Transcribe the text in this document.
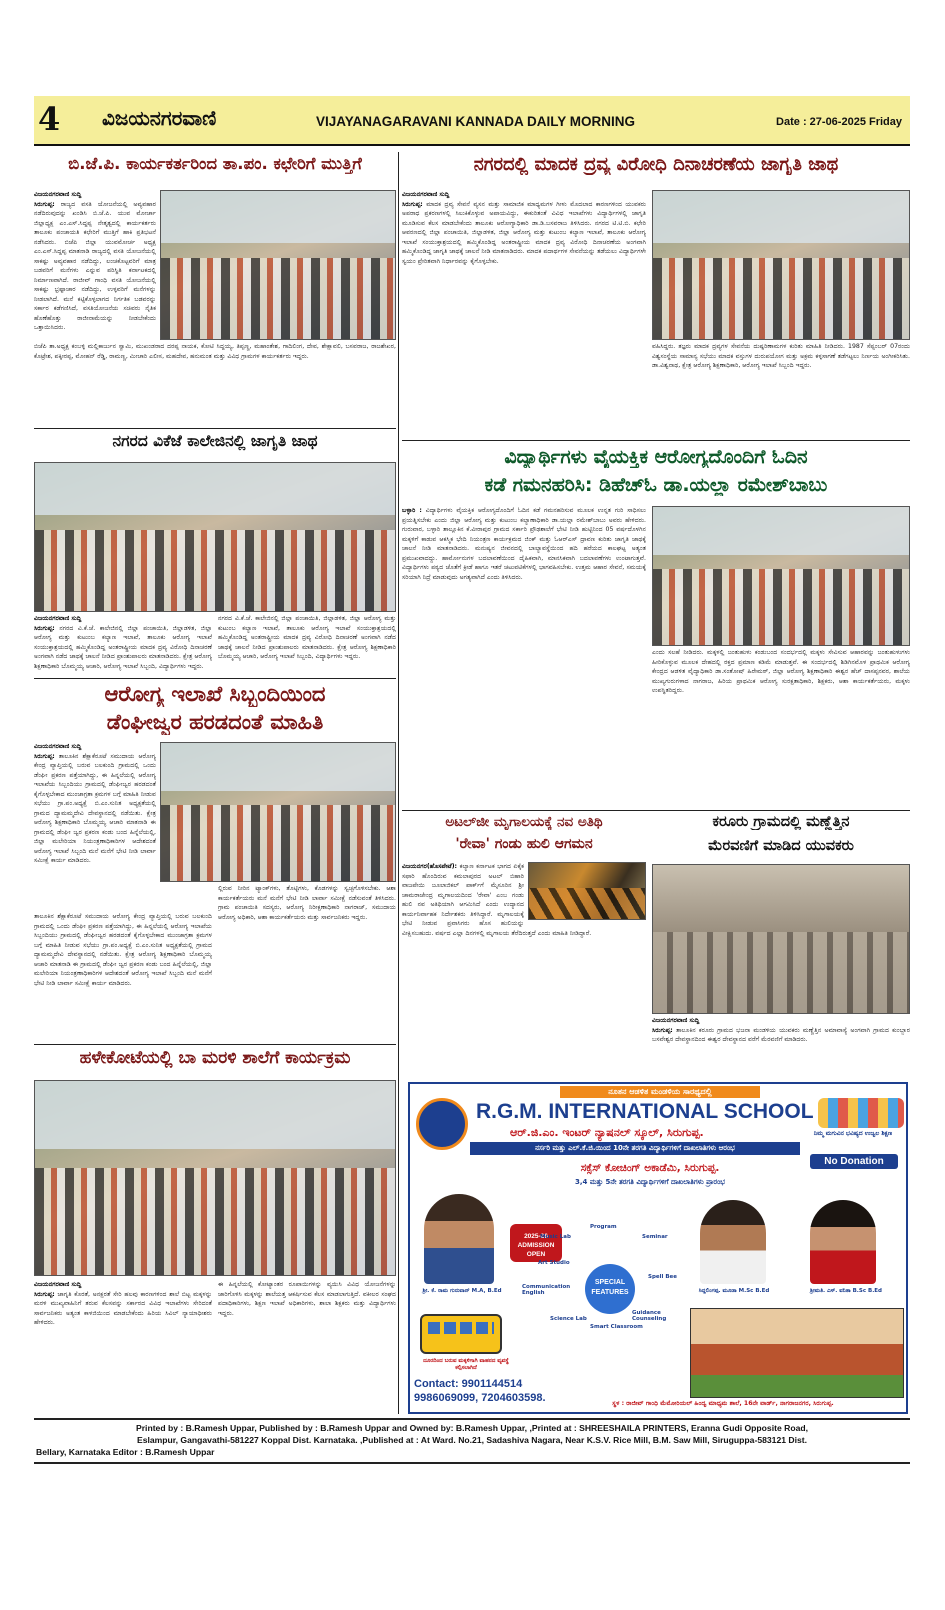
4 ವಿಜಯನಗರವಾಣಿ	VIJAYANAGARAVANI KANNADA DAILY MORNING	Date : 27-06-2025 Friday
ಬಿ.ಜೆ.ಪಿ. ಕಾರ್ಯಕರ್ತರಿಂದ ತಾ.ಪಂ. ಕಛೇರಿಗೆ ಮುತ್ತಿಗೆ
ವಿಜಯನಗರವಾಣಿ ಸುದ್ದಿ
ಸಿರುಗುಪ್ಪ: ರಾಜ್ಯದ ವಸತಿ ಯೋಜನೆಯಲ್ಲಿ ಅವ್ಯವಹಾರ ನಡೆದಿರುವುದನ್ನು ಖಂಡಿಸಿ ಬಿ.ಜೆ.ಪಿ. ಯುವ ಮೋರ್ಚಾ ಜಿಲ್ಲಾಧ್ಯಕ್ಷ ಎಂ.ಎಸ್.ಸಿದ್ದಪ್ಪ ನೇತೃತ್ವದಲ್ಲಿ ಕಾರ್ಯಕರ್ತರು ತಾಲೂಕು ಪಂಚಾಯತಿ ಕಛೇರಿಗೆ ಮುತ್ತಿಗೆ ಹಾಕಿ ಪ್ರತಿಭಟನೆ ನಡೆಸಿದರು. ಬಿಜೆಪಿ ಜಿಲ್ಲಾ ಯುವಮೋರ್ಚ ಅಧ್ಯಕ್ಷ ಎಂ.ಎಸ್.ಸಿದ್ದಪ್ಪ ಮಾತನಾಡಿ ರಾಜ್ಯದಲ್ಲಿ ವಸತಿ ಯೋಜನೆಯಲ್ಲಿ ಸಾಕಷ್ಟು ಅವ್ಯವಹಾರ ನಡೆದಿದ್ದು, ಲಂಚಕೊಟ್ಟವರಿಗೆ ಮಾತ್ರ ಬಡವರಿಗೆ ಮನೆಗಳು ಎನ್ನುವ ಪರಿಸ್ಥಿತಿ ಕರ್ನಾಟಕದಲ್ಲಿ ನಿರ್ಮಾಣವಾಗಿದೆ. ರಾಜೀವ್ ಗಾಂಧಿ ವಸತಿ ಯೋಜನೆಯಲ್ಲಿ ಸಾಕಷ್ಟು ಭ್ರಷ್ಟಾಚಾರ ನಡೆದಿದ್ದು, ಉಳ್ಳವರಿಗೆ ಮನೆಗಳನ್ನು ನೀಡಲಾಗಿದೆ. ಮನೆ ಕಟ್ಟಿಕೊಳ್ಳಲಾಗದ ನಿರ್ಗತಿಕ ಬಡವರನ್ನು ಸರ್ಕಾರ ಕಡೆಗಣಿಸಿದೆ, ವಸತಿಯೋಜನೆಯ ಸಚಿವರು ನೈತಿಕ ಹೊಣೆಹೊತ್ತು ರಾಜೀನಾಮೆಯನ್ನು ನೀಡಬೇಕೆಂದು ಒತ್ತಾಯಿಸಿದರು.
ಬಿಜೆಪಿ ತಾ.ಅಧ್ಯಕ್ಷ ಕಂಬಳ್ಳಿ ಮಲ್ಲಿಕಾರ್ಜುನ ಸ್ವಾಮಿ, ಮುಖಂಡರಾದ ದರಪ್ಪ ನಾಯಕ, ಕೋಟಿ ಸಿದ್ದಯ್ಯ, ತಿಪ್ಪಣ್ಣ, ಮಹಾಂತೇಶ, ಗಾದಿಲಿಂಗ, ದೇವ, ಶೇಕ್ಷಾವಲಿ, ಬಸವರಾಜ, ರಾಜಶೇಖರ, ಕೊಟ್ರೇಶ, ಪಕ್ಕೀರಪ್ಪ, ಮೋಹನ್ ರೆಡ್ಡಿ, ರಾಮಣ್ಣ, ಮೀಚಾರಿ ಎಲೀಸ, ಮಹದೇವ, ಹನುಮಂತ ಮತ್ತು ವಿವಿಧ ಗ್ರಾಮಗಳ ಕಾರ್ಯಕರ್ತರು ಇದ್ದರು.
ನಗರದ ವಿಕೆಜೆ ಕಾಲೇಜಿನಲ್ಲಿ ಜಾಗೃತಿ ಜಾಥ
ವಿಜಯನಗರವಾಣಿ ಸುದ್ದಿ
ಸಿರುಗುಪ್ಪ: ನಗರದ ವಿ.ಕೆ.ಜೆ. ಕಾಲೇಜಿನಲ್ಲಿ ಜಿಲ್ಲಾ ಪಂಚಾಯಿತಿ, ಜಿಲ್ಲಾಡಳಿತ, ಜಿಲ್ಲಾ ಆರೋಗ್ಯ ಮತ್ತು ಕುಟುಂಬ ಕಲ್ಯಾಣ ಇಲಾಖೆ, ತಾಲೂಕು ಆರೋಗ್ಯ ಇಲಾಖೆ ಸಂಯುಕ್ತಾಶ್ರಯದಲ್ಲಿ ಹಮ್ಮಿಕೊಂಡಿದ್ದ ಅಂತರಾಷ್ಟ್ರೀಯ ಮಾದಕ ದ್ರವ್ಯ ವಿರೋಧಿ ದಿನಾಚರಣೆ ಅಂಗವಾಗಿ ನಡೆದ ಜಾಥಕ್ಕೆ ಚಾಲನೆ ನೀಡಿದ ಪ್ರಾಂಶುಪಾಲರು ಮಾತನಾಡಿದರು. ಕ್ಷೇತ್ರ ಆರೋಗ್ಯ ಶಿಕ್ಷಣಾಧಿಕಾರಿ ಬೊಮ್ಮಯ್ಯ ಆಚಾರಿ, ಆರೋಗ್ಯ ಇಲಾಖೆ ಸಿಬ್ಬಂದಿ, ವಿದ್ಯಾರ್ಥಿಗಳು ಇದ್ದರು.
ನಗರದ ವಿ.ಕೆ.ಜೆ. ಕಾಲೇಜಿನಲ್ಲಿ ಜಿಲ್ಲಾ ಪಂಚಾಯಿತಿ, ಜಿಲ್ಲಾಡಳಿತ, ಜಿಲ್ಲಾ ಆರೋಗ್ಯ ಮತ್ತು ಕುಟುಂಬ ಕಲ್ಯಾಣ ಇಲಾಖೆ, ತಾಲೂಕು ಆರೋಗ್ಯ ಇಲಾಖೆ ಸಂಯುಕ್ತಾಶ್ರಯದಲ್ಲಿ ಹಮ್ಮಿಕೊಂಡಿದ್ದ ಅಂತರಾಷ್ಟ್ರೀಯ ಮಾದಕ ದ್ರವ್ಯ ವಿರೋಧಿ ದಿನಾಚರಣೆ ಅಂಗವಾಗಿ ನಡೆದ ಜಾಥಕ್ಕೆ ಚಾಲನೆ ನೀಡಿದ ಪ್ರಾಂಶುಪಾಲರು ಮಾತನಾಡಿದರು. ಕ್ಷೇತ್ರ ಆರೋಗ್ಯ ಶಿಕ್ಷಣಾಧಿಕಾರಿ ಬೊಮ್ಮಯ್ಯ ಆಚಾರಿ, ಆರೋಗ್ಯ ಇಲಾಖೆ ಸಿಬ್ಬಂದಿ, ವಿದ್ಯಾರ್ಥಿಗಳು ಇದ್ದರು.
ಆರೋಗ್ಯ ಇಲಾಖೆ ಸಿಬ್ಬಂದಿಯಿಂದ
ಡೆಂಘೀಜ್ವರ ಹರಡದಂತೆ ಮಾಹಿತಿ
ವಿಜಯನಗರವಾಣಿ ಸುದ್ದಿ
ಸಿರುಗುಪ್ಪ: ತಾಲೂಕಿನ ಶೆಕ್ಷಾಕೆರೂಟೆ ಸಮುದಾಯ ಆರೋಗ್ಯ ಕೇಂದ್ರ ವ್ಯಾಪ್ತಿಯಲ್ಲಿ ಬರುವ ಬಲಕುಂದಿ ಗ್ರಾಮದಲ್ಲಿ ಒಂದು ಡೆಂಘೀ ಪ್ರಕರಣ ಪತ್ತೆಯಾಗಿದ್ದು, ಈ ಹಿನ್ನಲೆಯಲ್ಲಿ ಆರೋಗ್ಯ ಇಲಾಖೆಯ ಸಿಬ್ಬಂದಿಯು ಗ್ರಾಮದಲ್ಲಿ ಡೆಂಘೀಜ್ವರ ಹರಡದಂತೆ ಕೈಗೊಳ್ಳಬೇಕಾದ ಮುಂಜಾಗ್ರತಾ ಕ್ರಮಗಳ ಬಗ್ಗೆ ಮಾಹಿತಿ ನೀಡುವ ಸಭೆಯು ಗ್ರಾ.ಪಂ.ಅಧ್ಯಕ್ಷೆ ಬಿ.ಎಂ.ಸುನಿತ ಅಧ್ಯಕ್ಷತೆಯಲ್ಲಿ ಗ್ರಾಮದ ದ್ಯಾಮಮ್ಮದೇವಿ ದೇವಸ್ಥಾನದಲ್ಲಿ ನಡೆಯಿತು. ಕ್ಷೇತ್ರ ಆರೋಗ್ಯ ಶಿಕ್ಷಣಾಧಿಕಾರಿ ಬೊಮ್ಮಯ್ಯ ಆಚಾರಿ ಮಾತನಾಡಿ ಈ ಗ್ರಾಮದಲ್ಲಿ ಡೆಂಘೀ ಜ್ವರ ಪ್ರಕರಣ ಕಂಡು ಬಂದ ಹಿನ್ನೆಲೆಯಲ್ಲಿ, ಜಿಲ್ಲಾ ಮಲೇರಿಯಾ ನಿಯಂತ್ರಣಾಧಿಕಾರಿಗಳ ಆದೇಶದಂತೆ ಆರೋಗ್ಯ ಇಲಾಖೆ ಸಿಬ್ಬಂದಿ ಮನೆ ಮನೆಗೆ ಭೇಟಿ ನೀಡಿ ಲಾರ್ವಾ ಸಮೀಕ್ಷೆ ಕಾರ್ಯ ಮಾಡಿದರು.
ತಾಲೂಕಿನ ಶೆಕ್ಷಾಕೆರೂಟೆ ಸಮುದಾಯ ಆರೋಗ್ಯ ಕೇಂದ್ರ ವ್ಯಾಪ್ತಿಯಲ್ಲಿ ಬರುವ ಬಲಕುಂದಿ ಗ್ರಾಮದಲ್ಲಿ ಒಂದು ಡೆಂಘೀ ಪ್ರಕರಣ ಪತ್ತೆಯಾಗಿದ್ದು, ಈ ಹಿನ್ನಲೆಯಲ್ಲಿ ಆರೋಗ್ಯ ಇಲಾಖೆಯ ಸಿಬ್ಬಂದಿಯು ಗ್ರಾಮದಲ್ಲಿ ಡೆಂಘೀಜ್ವರ ಹರಡದಂತೆ ಕೈಗೊಳ್ಳಬೇಕಾದ ಮುಂಜಾಗ್ರತಾ ಕ್ರಮಗಳ ಬಗ್ಗೆ ಮಾಹಿತಿ ನೀಡುವ ಸಭೆಯು ಗ್ರಾ.ಪಂ.ಅಧ್ಯಕ್ಷೆ ಬಿ.ಎಂ.ಸುನಿತ ಅಧ್ಯಕ್ಷತೆಯಲ್ಲಿ ಗ್ರಾಮದ ದ್ಯಾಮಮ್ಮದೇವಿ ದೇವಸ್ಥಾನದಲ್ಲಿ ನಡೆಯಿತು. ಕ್ಷೇತ್ರ ಆರೋಗ್ಯ ಶಿಕ್ಷಣಾಧಿಕಾರಿ ಬೊಮ್ಮಯ್ಯ ಆಚಾರಿ ಮಾತನಾಡಿ ಈ ಗ್ರಾಮದಲ್ಲಿ ಡೆಂಘೀ ಜ್ವರ ಪ್ರಕರಣ ಕಂಡು ಬಂದ ಹಿನ್ನೆಲೆಯಲ್ಲಿ, ಜಿಲ್ಲಾ ಮಲೇರಿಯಾ ನಿಯಂತ್ರಣಾಧಿಕಾರಿಗಳ ಆದೇಶದಂತೆ ಆರೋಗ್ಯ ಇಲಾಖೆ ಸಿಬ್ಬಂದಿ ಮನೆ ಮನೆಗೆ ಭೇಟಿ ನೀಡಿ ಲಾರ್ವಾ ಸಮೀಕ್ಷೆ ಕಾರ್ಯ ಮಾಡಿದರು.
ಲ್ಲಿರುವ ನೀರಿನ ಟ್ಯಾಂಕ್‌ಗಳು, ತೊಟ್ಟಿಗಳು, ಕೊಡಗಳನ್ನು ಸ್ವಚ್ಛಗೊಳಿಸಬೇಕು. ಆಶಾ ಕಾರ್ಯಕರ್ತೆಯರು ಮನೆ ಮನೆಗೆ ಭೇಟಿ ನೀಡಿ ಲಾರ್ವಾ ಸಮೀಕ್ಷೆ ನಡೆಸುವಂತೆ ತಿಳಿಸಿದರು. ಗ್ರಾಮ ಪಂಚಾಯಿತಿ ಸದಸ್ಯರು, ಆರೋಗ್ಯ ನಿರೀಕ್ಷಣಾಧಿಕಾರಿ ನಾಗರಾಜ್, ಸಮುದಾಯ ಆರೋಗ್ಯ ಅಧಿಕಾರಿ, ಆಶಾ ಕಾರ್ಯಕರ್ತೆಯರು ಮತ್ತು ಸಾರ್ವಜನಿಕರು ಇದ್ದರು.
ಹಳೇಕೋಟೆಯಲ್ಲಿ ಬಾ ಮರಳಿ ಶಾಲೆಗೆ ಕಾರ್ಯಕ್ರಮ
ವಿಜಯನಗರವಾಣಿ ಸುದ್ದಿ
ಸಿರುಗುಪ್ಪ: ಜಾಗೃತಿ ಕೊರತೆ, ಅನಕ್ಷರತೆ ಸೇರಿ ಹಲವು ಕಾರಣಗಳಿಂದ ಶಾಲೆ ಬಿಟ್ಟ ಮಕ್ಕಳನ್ನು ಮರಳಿ ಮುಖ್ಯವಾಹಿನಿಗೆ ತರುವ ಕೆಲಸವನ್ನು ಸರ್ಕಾರದ ವಿವಿಧ ಇಲಾಖೆಗಳು ಸೇರಿದಂತೆ ಸಾರ್ವಜನಿಕರು ಅತ್ಯಂತ ಕಾಳಜಿಯಿಂದ ಮಾಡಬೇಕೆಂದು ಹಿರಿಯ ಸಿವಿಲ್ ನ್ಯಾಯಾಧೀಶರು ಹೇಳಿದರು.
ಈ ಹಿನ್ನಲೆಯಲ್ಲಿ ಕೋಟ್ಯಾಂತರ ರೂಪಾಯಿಗಳನ್ನು ವ್ಯಯಿಸಿ ವಿವಿಧ ಯೋಜನೆಗಳನ್ನು ಜಾರಿಗೊಳಿಸಿ ಮಕ್ಕಳನ್ನು ಶಾಲೆಯತ್ತ ಆಕರ್ಷಿಸುವ ಕೆಲಸ ಮಾಡಲಾಗುತ್ತಿದೆ. ವಕೀಲರ ಸಂಘದ ಪದಾಧಿಕಾರಿಗಳು, ಶಿಕ್ಷಣ ಇಲಾಖೆ ಅಧಿಕಾರಿಗಳು, ಶಾಲಾ ಶಿಕ್ಷಕರು ಮತ್ತು ವಿದ್ಯಾರ್ಥಿಗಳು ಇದ್ದರು.
ನಗರದಲ್ಲಿ ಮಾದಕ ದ್ರವ್ಯ ವಿರೋಧಿ ದಿನಾಚರಣೆಯ ಜಾಗೃತಿ ಜಾಥ
ವಿಜಯನಗರವಾಣಿ ಸುದ್ದಿ
ಸಿರುಗುಪ್ಪ: ಮಾದಕ ದ್ರವ್ಯ ಸೇವನೆ ವ್ಯಸನ ಮತ್ತು ಸಾಮಾಜಿಕ ಮಾಧ್ಯಮಗಳ ಗೀಳು ಮೊದಲಾದ ಕಾರಣಗಳಿಂದ ಯುವಕರು ಅಪರಾಧ ಪ್ರಕರಣಗಳಲ್ಲಿ ಸಿಲುಕಿಕೊಳ್ಳುವ ಅಪಾಯವಿದ್ದು, ಈಕುರಿತಂತೆ ವಿವಿಧ ಇಲಾಖೆಗಳು ವಿದ್ಯಾರ್ಥಿಗಳಲ್ಲಿ ಜಾಗೃತಿ ಮೂಡಿಸುವ ಕೆಲಸ ಮಾಡಬೇಕೆಂದು ತಾಲೂಕು ಆರೋಗ್ಯಾಧಿಕಾರಿ ಡಾ.ಡಿ.ಬಸವರಾಜ ತಿಳಿಸಿದರು. ನಗರದ ಟಿ.ಟಿ.ಬಿ. ಕಛೇರಿ ಆವರಣದಲ್ಲಿ ಜಿಲ್ಲಾ ಪಂಚಾಯಿತಿ, ಜಿಲ್ಲಾಡಳಿತ, ಜಿಲ್ಲಾ ಆರೋಗ್ಯ ಮತ್ತು ಕುಟುಂಬ ಕಲ್ಯಾಣ ಇಲಾಖೆ, ತಾಲೂಕು ಆರೋಗ್ಯ ಇಲಾಖೆ ಸಂಯುಕ್ತಾಶ್ರಯದಲ್ಲಿ ಹಮ್ಮಿಕೊಂಡಿದ್ದ ಅಂತರಾಷ್ಟ್ರೀಯ ಮಾದಕ ದ್ರವ್ಯ ವಿರೋಧಿ ದಿನಾಚರಣೆಯ ಅಂಗವಾಗಿ ಹಮ್ಮಿಕೊಂಡಿದ್ದ ಜಾಗೃತಿ ಜಾಥಕ್ಕೆ ಚಾಲನೆ ನೀಡಿ ಮಾತನಾಡಿದರು. ಮಾದಕ ಪದಾರ್ಥಗಳ ಸೇವನೆಯನ್ನು ತಡೆಯಲು ವಿದ್ಯಾರ್ಥಿಗಳೇ ಸ್ವಯಂ ಪ್ರೇರಿತವಾಗಿ ನಿರ್ಧಾರವನ್ನು ಕೈಗೊಳ್ಳಬೇಕು.
ವಹಿಸಿದ್ದರು. ತಜ್ಞರು ಮಾದಕ ದ್ರವ್ಯಗಳ ಸೇವನೆಯ ದುಷ್ಪರಿಣಾಮಗಳ ಕುರಿತು ಮಾಹಿತಿ ನೀಡಿದರು. 1987 ಸೆಪ್ಟಂಬರ್ 07ರಂದು ವಿಶ್ವಸಂಸ್ಥೆಯ ಸಾಮಾನ್ಯ ಸಭೆಯು ಮಾದಕ ವಸ್ತುಗಳ ದುರುಪಯೋಗ ಮತ್ತು ಅಕ್ರಮ ಕಳ್ಳಸಾಗಣೆ ತಡೆಗಟ್ಟಲು ನಿರ್ಣಯ ಅಂಗೀಕರಿಸಿತು. ಡಾ.ವಿಶ್ವನಾಥ, ಕ್ಷೇತ್ರ ಆರೋಗ್ಯ ಶಿಕ್ಷಣಾಧಿಕಾರಿ, ಆರೋಗ್ಯ ಇಲಾಖೆ ಸಿಬ್ಬಂದಿ ಇದ್ದರು.
ವಿದ್ಯಾರ್ಥಿಗಳು ವೈಯಕ್ತಿಕ ಆರೋಗ್ಯದೊಂದಿಗೆ ಓದಿನ
ಕಡೆ ಗಮನಹರಿಸಿ: ಡಿಹೆಚ್‌ಓ ಡಾ.ಯಲ್ಲಾ ರಮೇಶ್‌ಬಾಬು
ಬಳ್ಳಾರಿ : ವಿದ್ಯಾರ್ಥಿಗಳು ವೈಯಕ್ತಿಕ ಆರೋಗ್ಯದೊಂದಿಗೆ ಓದಿನ ಕಡೆ ಗಮನಹರಿಸುವ ಮೂಲಕ ಉನ್ನತ ಗುರಿ ಸಾಧಿಸಲು ಪ್ರಯತ್ನಿಸಬೇಕು ಎಂದು ಜಿಲ್ಲಾ ಆರೋಗ್ಯ ಮತ್ತು ಕುಟುಂಬ ಕಲ್ಯಾಣಾಧಿಕಾರಿ ಡಾ.ಯಲ್ಲಾ ರಮೇಶ್‌ಬಾಬು ಅವರು ಹೇಳಿದರು. ಗುರುವಾರ, ಬಳ್ಳಾರಿ ತಾಲ್ಲೂಕಿನ ಕೆ.ವೀರಾಪುರ ಗ್ರಾಮದ ಸರ್ಕಾರಿ ಪ್ರೌಢಶಾಲೆಗೆ ಭೇಟಿ ನೀಡಿ ಹುಟ್ಟಿನಿಂದ 05 ವರ್ಷದೊಳಗಿನ ಮಕ್ಕಳಿಗೆ ಕಾಡುವ ಆಕಸ್ಮಿಕ ಭೇದಿ ನಿಯಂತ್ರಣ ಕಾರ್ಯಕ್ರಮದ ಜಿಂಕ್ ಮತ್ತು ಓಆರ್‌ಎಸ್ ದ್ರಾವಣ ಕುರಿತು ಜಾಗೃತಿ ಜಾಥಕ್ಕೆ ಚಾಲನೆ ನೀಡಿ ಮಾತನಾಡಿದರು. ಮನುಷ್ಯನ ಜೀವನದಲ್ಲಿ ಬಾಲ್ಯಾವಸ್ಥೆಯಿಂದ ಹದಿ ಹರೆಯದ ಕಾಲಘಟ್ಟ ಅತ್ಯಂತ ಪ್ರಮುಖವಾದದ್ದು. ಹಾರ್ಮೋನುಗಳ ಬದಲಾವಣೆಯಿಂದ ದೈಹಿಕವಾಗಿ, ಮಾನಸಿಕವಾಗಿ ಬದಲಾವಣೆಗಳು ಉಂಟಾಗುತ್ತವೆ. ವಿದ್ಯಾರ್ಥಿಗಳು ಪಠ್ಯದ ಜೊತೆಗೆ ಕ್ರೀಡೆ ಹಾಗೂ ಇತರೆ ಚಟುವಟಿಕೆಗಳಲ್ಲಿ ಭಾಗವಹಿಸಬೇಕು. ಉತ್ತಮ ಆಹಾರ ಸೇವನೆ, ಸಮಯಕ್ಕೆ ಸರಿಯಾಗಿ ನಿದ್ರೆ ಮಾಡುವುದು ಅಗತ್ಯವಾಗಿದೆ ಎಂದು ತಿಳಿಸಿದರು.
ಎಂದು ಸಲಹೆ ನೀಡಿದರು. ಮಕ್ಕಳಲ್ಲಿ ಜಂತುಹುಳು ಕಂಡುಬಂದ ಸಂದರ್ಭದಲ್ಲಿ ಮಕ್ಕಳು ಸೇವಿಸುವ ಆಹಾರವನ್ನು ಜಂತುಹುಳುಗಳು ಹೀರಿಕೊಳ್ಳುವ ಮೂಲಕ ದೇಹದಲ್ಲಿ ರಕ್ತದ ಪ್ರಮಾಣ ಕಡಿಮೆ ಮಾಡುತ್ತವೆ. ಈ ಸಂದರ್ಭದಲ್ಲಿ ಶಿಡಿಗಿನಮೊಳ ಪ್ರಾಥಮಿಕ ಆರೋಗ್ಯ ಕೇಂದ್ರದ ಆಡಳಿತ ವೈದ್ಯಾಧಿಕಾರಿ ಡಾ.ಸಂತೋಷ್ ಹಿರೇಮಠ್, ಜಿಲ್ಲಾ ಆರೋಗ್ಯ ಶಿಕ್ಷಣಾಧಿಕಾರಿ ಈಶ್ವರ ಹೆಚ್ ದಾಸಪ್ಪನವರ, ಶಾಲೆಯ ಮುಖ್ಯಗುರುಗಳಾದ ನಾಗರಾಜ, ಹಿರಿಯ ಪ್ರಾಥಮಿಕ ಆರೋಗ್ಯ ಸುರಕ್ಷತಾಧಿಕಾರಿ, ಶಿಕ್ಷಕರು, ಆಶಾ ಕಾರ್ಯಕರ್ತೆಯರು, ಮಕ್ಕಳು ಉಪಸ್ಥಿತರಿದ್ದರು.
ಅಟಲ್‌ಜೀ ಮೃಗಾಲಯಕ್ಕೆ ನವ ಅತಿಥಿ
'ರೇವಾ' ಗಂಡು ಹುಲಿ ಆಗಮನ
ವಿಜಯನಗರ(ಹೊಸಪೇಟೆ): ಕಲ್ಯಾಣ ಕರ್ನಾಟಕ ಭಾಗದ ಏಕೈಕ ಸಫಾರಿ ಹೊಂದಿರುವ ಕಮಲಾಪುರದ ಅಟಲ್ ಬಿಹಾರಿ ವಾಜಪೇಯಿ ಜೂಲಾಜಿಕಲ್ ಪಾರ್ಕ್‌ಗೆ ಮೈಸೂರಿನ ಶ್ರೀ ಚಾಮರಾಜೇಂದ್ರ ಮೃಗಾಲಯದಿಂದ 'ರೇವಾ' ಎಂಬ ಗಂಡು ಹುಲಿ ನವ ಅತಿಥಿಯಾಗಿ ಆಗಮಿಸಿದೆ ಎಂದು ಉದ್ಯಾನದ ಕಾರ್ಯನಿರ್ವಾಹಕ ನಿರ್ದೇಶಕರು ತಿಳಿಸಿದ್ದಾರೆ. ಮೃಗಾಲಯಕ್ಕೆ ಭೇಟಿ ನೀಡುವ ಪ್ರವಾಸಿಗರು ಹೊಸ ಹುಲಿಯನ್ನು ವೀಕ್ಷಿಸಬಹುದು. ವರ್ಷದ ಎಲ್ಲಾ ದಿನಗಳಲ್ಲಿ ಮೃಗಾಲಯ ತೆರೆದಿರುತ್ತದೆ ಎಂದು ಮಾಹಿತಿ ನೀಡಿದ್ದಾರೆ.
ಕರೂರು ಗ್ರಾಮದಲ್ಲಿ ಮಣ್ಣೆತ್ತಿನ
ಮೆರವಣಿಗೆ ಮಾಡಿದ ಯುವಕರು
ವಿಜಯನಗರವಾಣಿ ಸುದ್ದಿ
ಸಿರುಗುಪ್ಪ: ತಾಲೂಕಿನ ಕರೂರು ಗ್ರಾಮದ ಭಜನಾ ಮಂಡಳಿಯ ಯುವಕರು ಮಣ್ಣೆತ್ತಿನ ಅಮಾವಾಸ್ಯೆ ಅಂಗವಾಗಿ ಗ್ರಾಮದ ಕುಂಬ್ಬಾರ ಬಸವೇಶ್ವರ ದೇವಸ್ಥಾನದಿಂದ ಈಶ್ವರ ದೇವಸ್ಥಾನದ ವರೆಗೆ ಮೆರವಣಿಗೆ ಮಾಡಿದರು.
ನೂತನ ಆಡಳಿತ ಮಂಡಳಿಯ ಸಾರಥ್ಯದಲ್ಲಿ
R.G.M. INTERNATIONAL SCHOOL
ಆರ್.ಜಿ.ಎಂ. ಇಂಟರ್ ನ್ಯಾಷನಲ್ ಸ್ಕೂಲ್, ಸಿರುಗುಪ್ಪ.	ನಿಮ್ಮ ಮಗುವಿನ ಭವಿಷ್ಯದ ಉಜ್ವಲ ಶಿಕ್ಷಣ
ನರ್ಸರಿ ಮತ್ತು ಎಲ್.ಕೆ.ಜಿ.ಯಿಂದ 10ನೇ ತರಗತಿ ವಿದ್ಯಾರ್ಥಿಗಳಿಗೆ ದಾಖಲಾತಿಗಳು ಆರಂಭ
No Donation
ಸಕ್ಸೆಸ್ ಕೋಚಿಂಗ್ ಅಕಾಡೆಮಿ, ಸಿರುಗುಪ್ಪ.
3,4 ಮತ್ತು 5ನೇ ತರಗತಿ ವಿದ್ಯಾರ್ಥಿಗಳಿಗೆ ದಾಖಲಾತಿಗಳು ಪ್ರಾರಂಭ
ಶ್ರೀ. ಕೆ. ರಾಮ ಗುರುವಾನ್ M.A, B.Ed
2025-26 ADMISSION OPEN
SPECIAL FEATURES
Music Lab
Program
Seminar
Art Studio
Communication English
Spell Bee
Science Lab
Smart Classroom
Guidance Counseling
ಸಿದ್ದಲಿಂಗಪ್ಪ. ಮೂಡಾ M.Sc B.Ed	ಶ್ರೀಮತಿ. ಎಸ್. ವನಿತಾ B.Sc B.Ed
ದೂರದಿಂದ ಬರುವ ಮಕ್ಕಳಿಗಾಗಿ ವಾಹನದ ವ್ಯವಸ್ಥೆ ಕಲ್ಪಿಸಲಾಗಿದೆ
Contact: 9901144514
9986069099, 7204603598.	ಸ್ಥಳ : ರಾಜೀವ್ ಗಾಂಧಿ ಮೆಮೋರಿಯಲ್ ಹಿಂದ್ವ ಮಾಧ್ಯಮ ಶಾಲೆ, 16ನೇ ವಾರ್ಡ್, ನಾಗರಾಜನಗರ, ಸಿರುಗುಪ್ಪ.
Printed by : B.Ramesh Uppar, Published by : B.Ramesh Uppar and Owned by: B.Ramesh Uppar, ,Printed at : SHREESHAILA PRINTERS, Eranna Gudi Opposite Road,
Eslampur, Gangavathi-581227 Koppal Dist. Karnataka. ,Published at : At Ward. No.21, Sadashiva Nagara, Near K.S.V. Rice Mill, B.M. Saw Mill, Siruguppa-583121 Dist.
Bellary, Karnataka Editor : B.Ramesh Uppar
